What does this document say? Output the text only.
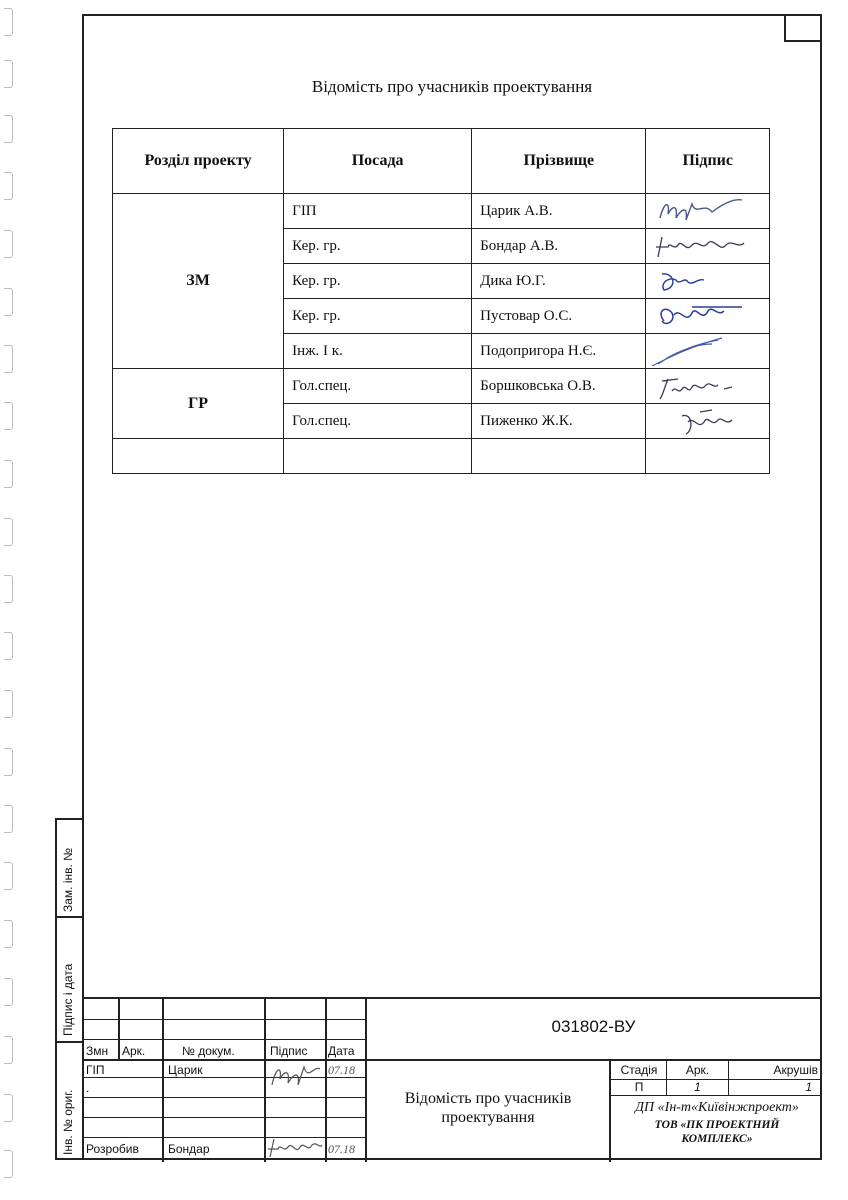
Відомість про учасників проектування
Розділ проекту	Посада	Прізвище	Підпис
ЗМ	ГІП	Царик А.В.	

	Кер. гр.	Бондар А.В.	

	Кер. гр.	Дика Ю.Г.	

	Кер. гр.	Пустовар О.С.	

	Інж. І к.	Подопригора Н.Є.	

ГР	Гол.спец.	Боршковська О.В.	

	Гол.спец.	Пиженко Ж.К.	

Зам. інв. №
Підпис і дата
Інв. № ориг.
031802-ВУ
Змн Арк.	№ докум.	Підпис Дата
ГІП	Царик	07.18
.
Розробив Бондар	07.18
Відомість про учасників проектування
Стадія	Арк.	Акрушів
П	1	1
ДП «Ін-т«Київінжпроект»
ТОВ «ПК ПРОЕКТНИЙ КОМПЛЕКС»
